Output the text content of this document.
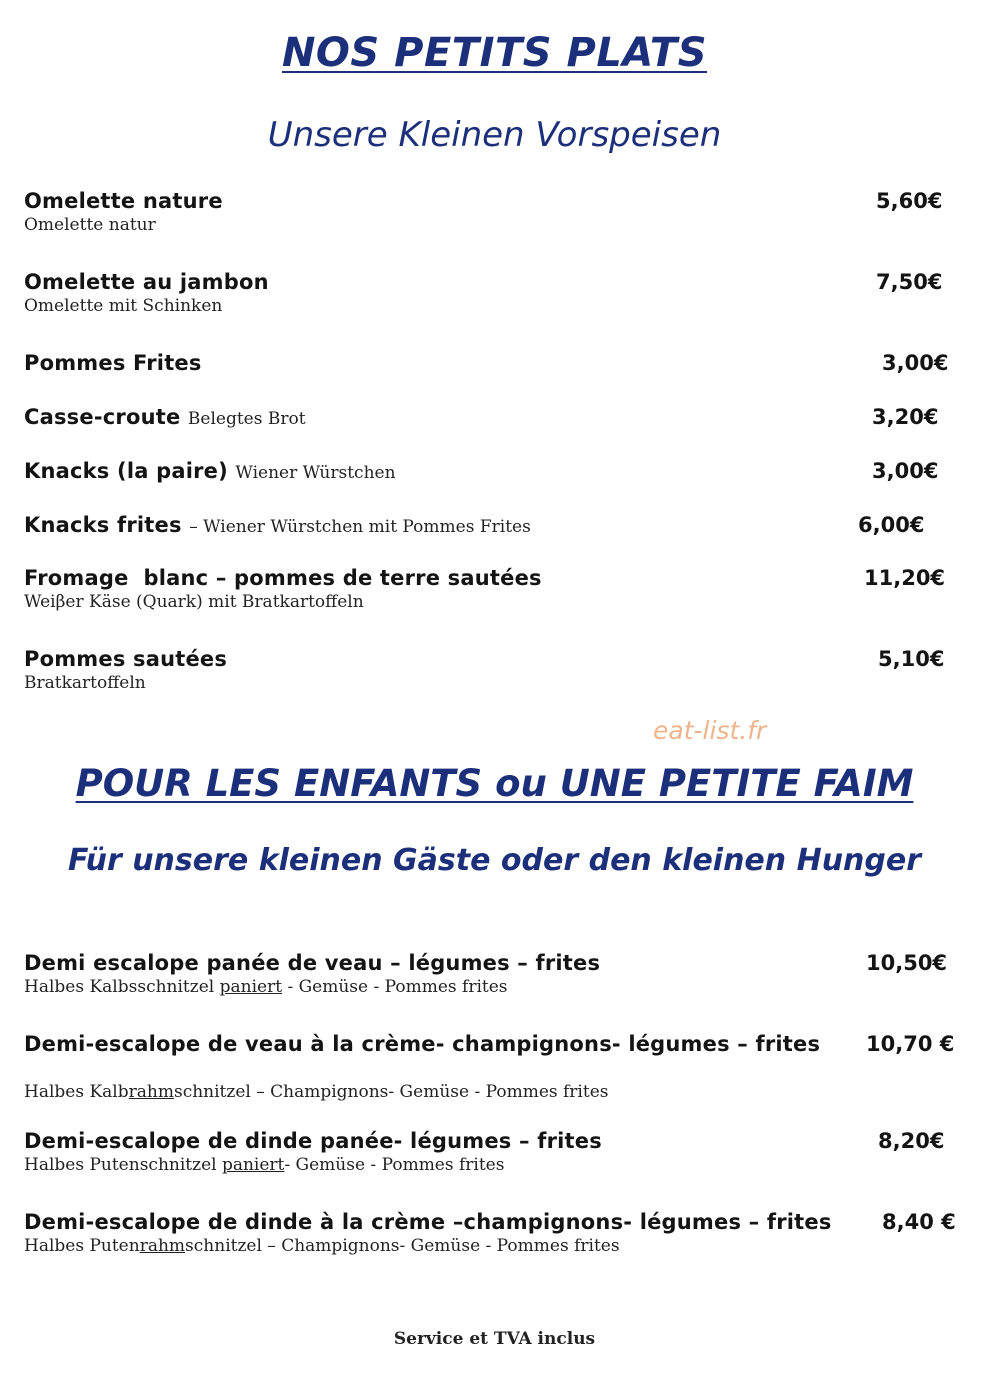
NOS PETITS PLATS
Unsere Kleinen Vorspeisen
Omelette nature
Omelette natur
5,60€
Omelette au jambon
Omelette mit Schinken
7,50€
Pommes Frites	3,00€
Casse-croute Belegtes Brot	3,20€
Knacks (la paire) Wiener Würstchen	3,00€
Knacks frites – Wiener Würstchen mit Pommes Frites	6,00€
Fromage  blanc – pommes de terre sautées
Weiβer Käse (Quark) mit Bratkartoffeln
11,20€
Pommes sautées
Bratkartoffeln
5,10€
eat-list.fr
POUR LES ENFANTS ou UNE PETITE FAIM
Für unsere kleinen Gäste oder den kleinen Hunger
Demi escalope panée de veau – légumes – frites
Halbes Kalbsschnitzel paniert - Gemüse - Pommes frites
10,50€
Demi-escalope de veau à la crème- champignons- légumes – frites
Halbes Kalbrahmschnitzel – Champignons- Gemüse - Pommes frites
10,70 €
Demi-escalope de dinde panée- légumes – frites
Halbes Putenschnitzel paniert- Gemüse - Pommes frites
8,20€
Demi-escalope de dinde à la crème –champignons- légumes – frites
Halbes Putenrahmschnitzel – Champignons- Gemüse - Pommes frites
8,40 €
Service et TVA inclus
